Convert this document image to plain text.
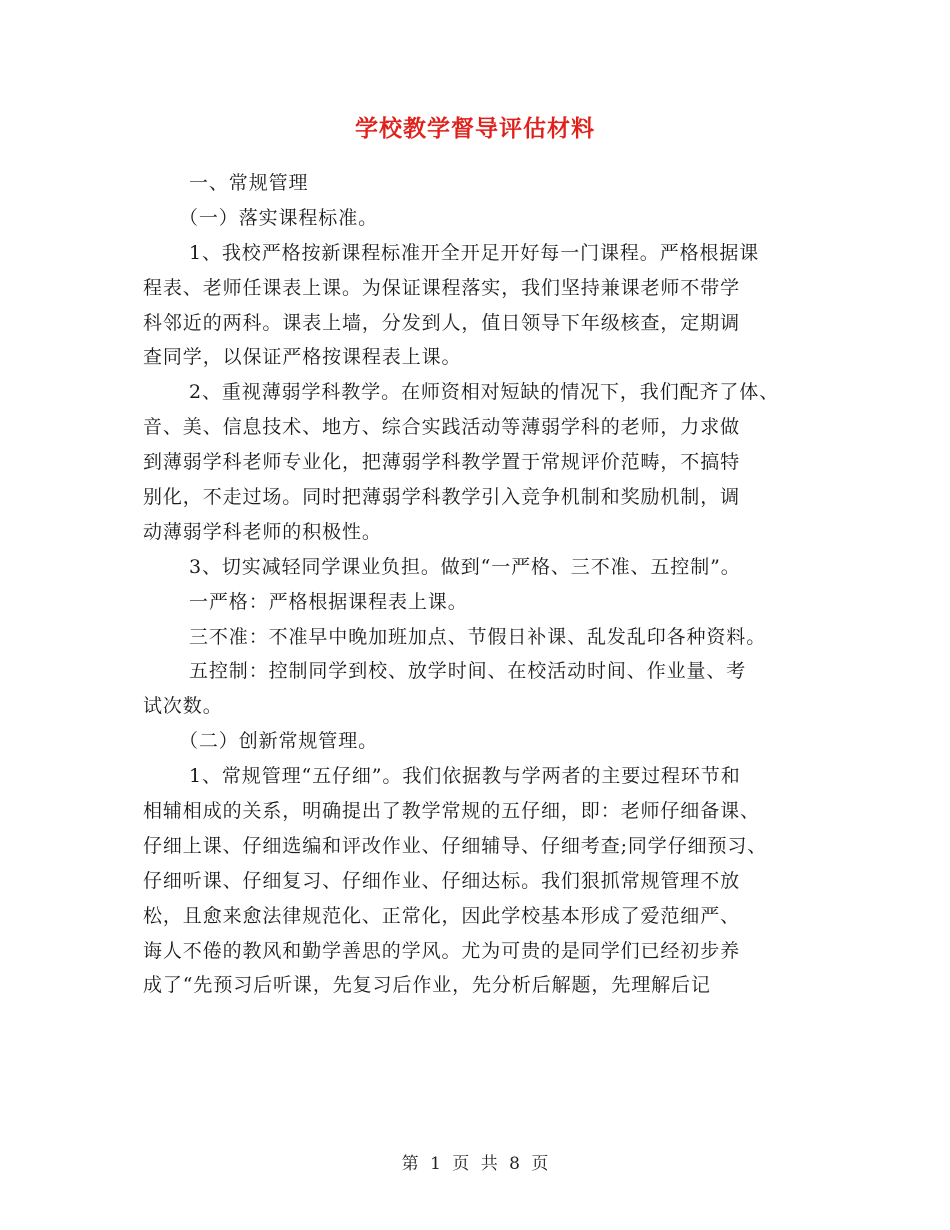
学校教学督导评估材料
一、常规管理
（一）落实课程标准。
1、我校严格按新课程标准开全开足开好每一门课程。严格根据课
程表、老师任课表上课。为保证课程落实，我们坚持兼课老师不带学
科邻近的两科。课表上墙，分发到人，值日领导下年级核查，定期调
查同学，以保证严格按课程表上课。
2、重视薄弱学科教学。在师资相对短缺的情况下，我们配齐了体、
音、美、信息技术、地方、综合实践活动等薄弱学科的老师，力求做
到薄弱学科老师专业化，把薄弱学科教学置于常规评价范畴，不搞特
别化，不走过场。同时把薄弱学科教学引入竞争机制和奖励机制，调
动薄弱学科老师的积极性。
3、切实减轻同学课业负担。做到“一严格、三不准、五控制”。
一严格：严格根据课程表上课。
三不准：不准早中晚加班加点、节假日补课、乱发乱印各种资料。
五控制：控制同学到校、放学时间、在校活动时间、作业量、考
试次数。
（二）创新常规管理。
1、常规管理“五仔细”。我们依据教与学两者的主要过程环节和
相辅相成的关系，明确提出了教学常规的五仔细，即：老师仔细备课、
仔细上课、仔细选编和评改作业、仔细辅导、仔细考查;同学仔细预习、
仔细听课、仔细复习、仔细作业、仔细达标。我们狠抓常规管理不放
松，且愈来愈法律规范化、正常化，因此学校基本形成了爱范细严、
诲人不倦的教风和勤学善思的学风。尤为可贵的是同学们已经初步养
成了“先预习后听课，先复习后作业，先分析后解题，先理解后记
第 1 页 共 8 页
